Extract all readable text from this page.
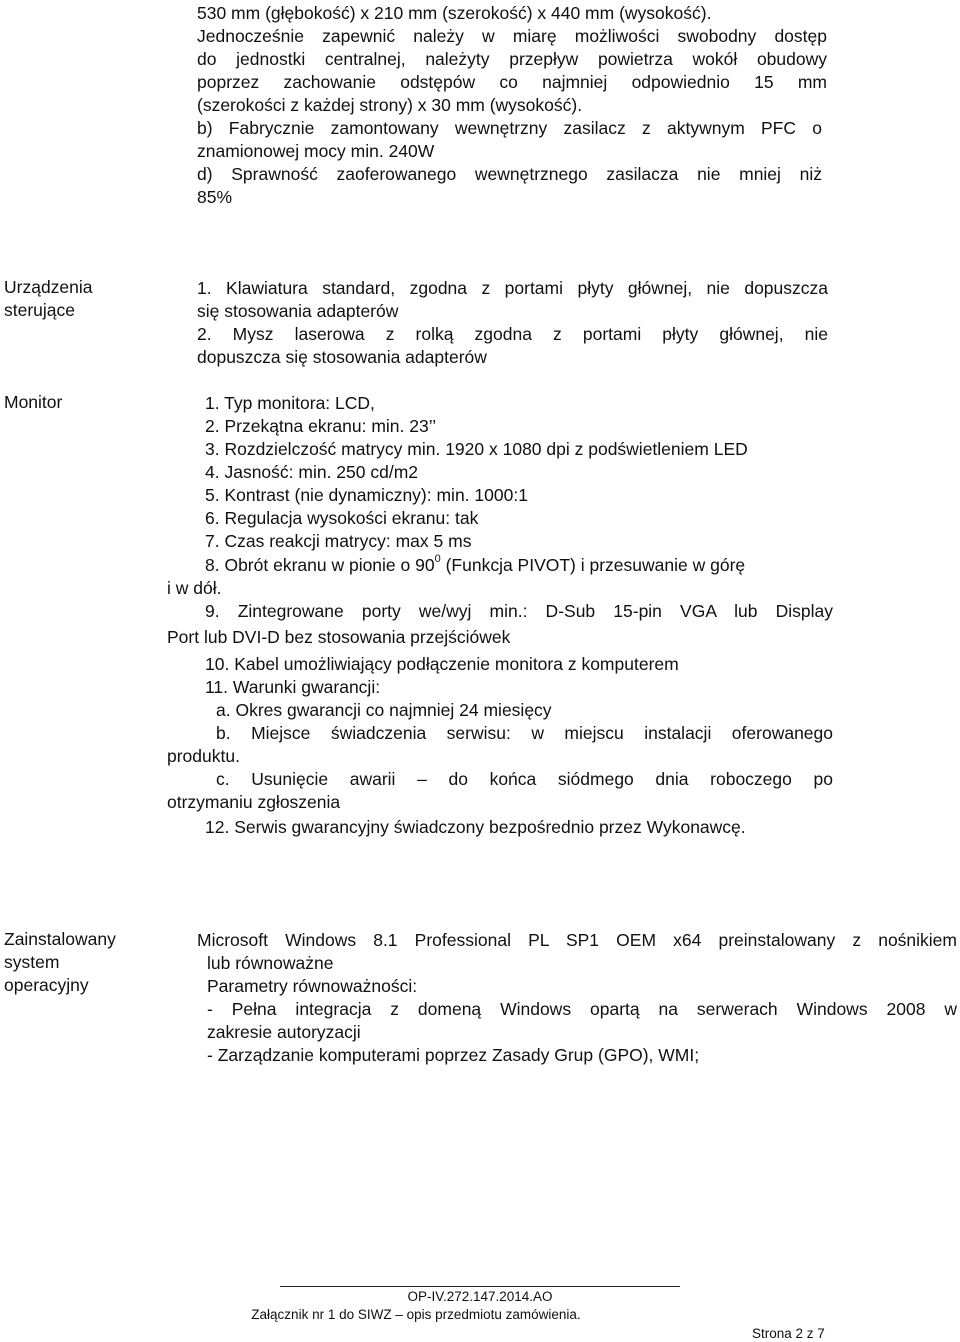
530 mm (głębokość) x 210 mm (szerokość) x 440 mm (wysokość).
Jednocześnie zapewnić należy w miarę możliwości swobodny dostęp
do jednostki centralnej, należyty przepływ powietrza wokół obudowy
poprzez zachowanie odstępów co najmniej odpowiednio 15 mm
(szerokości z każdej strony) x 30 mm (wysokość).
b) Fabrycznie zamontowany wewnętrzny zasilacz z aktywnym PFC o
znamionowej mocy min. 240W
d) Sprawność zaoferowanego wewnętrznego zasilacza nie mniej niż
85%
Urządzenia
sterujące
1. Klawiatura standard, zgodna z portami płyty głównej, nie dopuszcza
się stosowania adapterów
2. Mysz laserowa z rolką zgodna z portami płyty głównej, nie
dopuszcza się stosowania adapterów
Monitor	1. Typ monitora: LCD,
2. Przekątna ekranu: min. 23’’
3. Rozdzielczość matrycy min. 1920 x 1080 dpi z podświetleniem LED
4. Jasność: min. 250 cd/m2
5. Kontrast (nie dynamiczny): min. 1000:1
6. Regulacja wysokości ekranu: tak
7. Czas reakcji matrycy: max 5 ms
8. Obrót ekranu w pionie o $90^0$ (Funkcja PIVOT) i przesuwanie w górę
i w dół.
9. Zintegrowane porty we/wyj min.: D-Sub 15-pin VGA lub Display
Port lub DVI-D bez stosowania przejściówek
10. Kabel umożliwiający podłączenie monitora z komputerem
11. Warunki gwarancji:
a. Okres gwarancji co najmniej 24 miesięcy
b. Miejsce świadczenia serwisu: w miejscu instalacji oferowanego
produktu.
c. Usunięcie awarii – do końca siódmego dnia roboczego po
otrzymaniu zgłoszenia
12. Serwis gwarancyjny świadczony bezpośrednio przez Wykonawcę.
Zainstalowany
system
operacyjny
Microsoft Windows 8.1 Professional PL SP1 OEM x64 preinstalowany z nośnikiem
lub równoważne
Parametry równoważności:
- Pełna integracja z domeną Windows opartą na serwerach Windows 2008 w
zakresie autoryzacji
- Zarządzanie komputerami poprzez Zasady Grup (GPO), WMI;
OP-IV.272.147.2014.AO
Załącznik nr 1 do SIWZ – opis przedmiotu zamówienia.
Strona 2 z 7
